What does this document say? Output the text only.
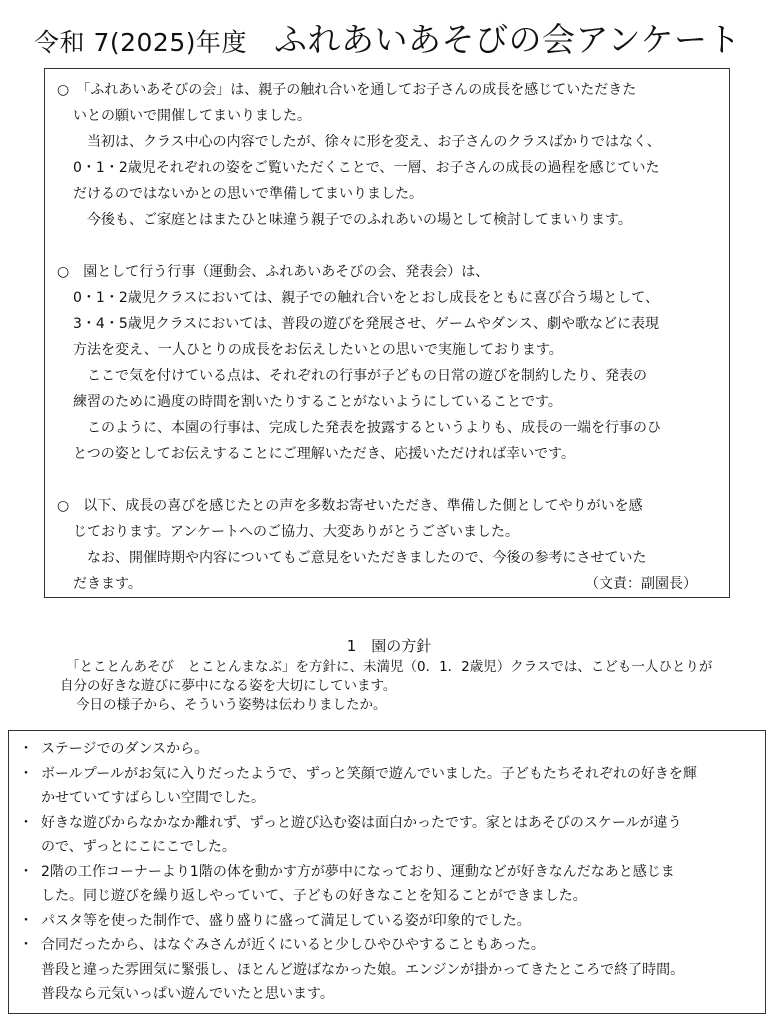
令和 7(2025)年度 ふれあいあそびの会アンケート
○　「ふれあいあそびの会」は、親子の触れ合いを通してお子さんの成長を感じていただきた
いとの願いで開催してまいりました。
当初は、クラス中心の内容でしたが、徐々に形を変え、お子さんのクラスばかりではなく、
0・1・2歳児それぞれの姿をご覧いただくことで、一層、お子さんの成長の過程を感じていた
だけるのではないかとの思いで準備してまいりました。
今後も、ご家庭とはまたひと味違う親子でのふれあいの場として検討してまいります。
○　園として行う行事（運動会、ふれあいあそびの会、発表会）は、
0・1・2歳児クラスにおいては、親子での触れ合いをとおし成長をともに喜び合う場として、
3・4・5歳児クラスにおいては、普段の遊びを発展させ、ゲームやダンス、劇や歌などに表現
方法を変え、一人ひとりの成長をお伝えしたいとの思いで実施しております。
ここで気を付けている点は、それぞれの行事が子どもの日常の遊びを制約したり、発表の
練習のために過度の時間を割いたりすることがないようにしていることです。
このように、本園の行事は、完成した発表を披露するというよりも、成長の一端を行事のひ
とつの姿としてお伝えすることにご理解いただき、応援いただければ幸いです。
○　以下、成長の喜びを感じたとの声を多数お寄せいただき、準備した側としてやりがいを感
じております。アンケートへのご協力、大変ありがとうございました。
なお、開催時期や内容についてもご意見をいただきましたので、今後の参考にさせていた
だきます。	（文責：副園長）
1　園の方針
「とことんあそび　とことんまなぶ」を方針に、未満児（0．1．2歳児）クラスでは、こども一人ひとりが
自分の好きな遊びに夢中になる姿を大切にしています。
今日の様子から、そういう姿勢は伝わりましたか。
・ ステージでのダンスから。
・ ボールプールがお気に入りだったようで、ずっと笑顔で遊んでいました。子どもたちそれぞれの好きを輝
かせていてすばらしい空間でした。
・ 好きな遊びからなかなか離れず、ずっと遊び込む姿は面白かったです。家とはあそびのスケールが違う
ので、ずっとにこにこでした。
・ 2階の工作コーナーより1階の体を動かす方が夢中になっており、運動などが好きなんだなあと感じま
した。同じ遊びを繰り返しやっていて、子どもの好きなことを知ることができました。
・ パスタ等を使った制作で、盛り盛りに盛って満足している姿が印象的でした。
・ 合同だったから、はなぐみさんが近くにいると少しひやひやすることもあった。
普段と違った雰囲気に緊張し、ほとんど遊ばなかった娘。エンジンが掛かってきたところで終了時間。
普段なら元気いっぱい遊んでいたと思います。
